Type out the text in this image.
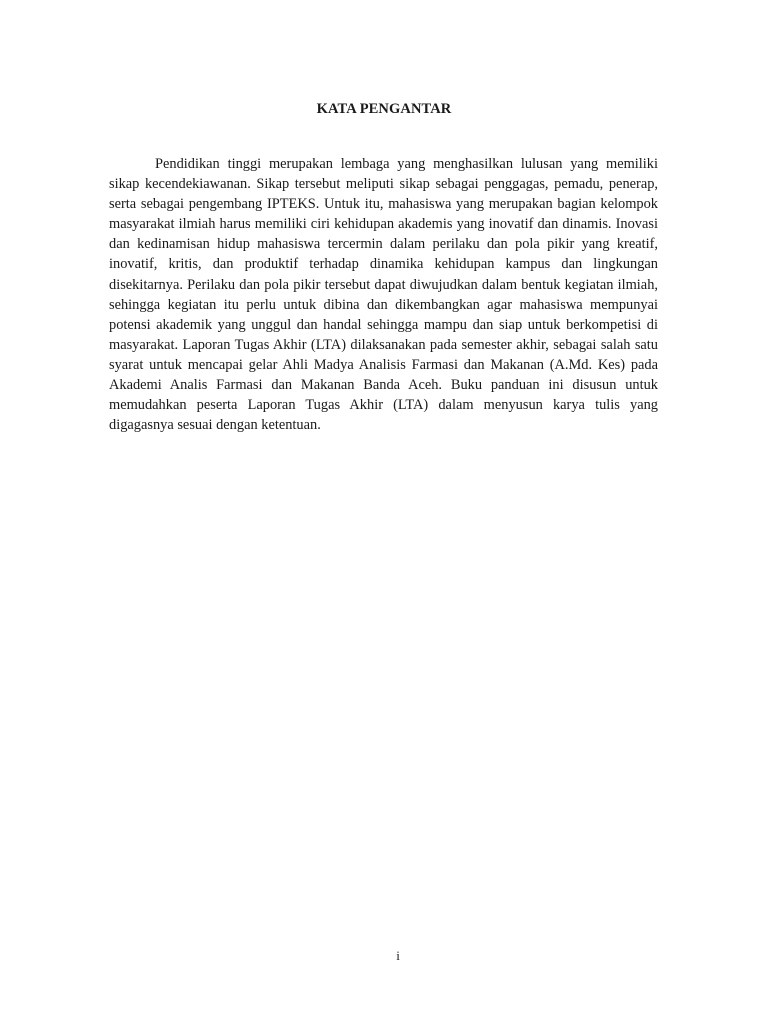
KATA PENGANTAR

Pendidikan tinggi merupakan lembaga yang menghasilkan lulusan yang memiliki sikap kecendekiawanan. Sikap tersebut meliputi sikap sebagai penggagas, pemadu, penerap, serta sebagai pengembang IPTEKS. Untuk itu, mahasiswa yang merupakan bagian kelompok masyarakat ilmiah harus memiliki ciri kehidupan akademis yang inovatif dan dinamis. Inovasi dan kedinamisan hidup mahasiswa tercermin dalam perilaku dan pola pikir yang kreatif, inovatif, kritis, dan produktif terhadap dinamika kehidupan kampus dan lingkungan disekitarnya. Perilaku dan pola pikir tersebut dapat diwujudkan dalam bentuk kegiatan ilmiah, sehingga kegiatan itu perlu untuk dibina dan dikembangkan agar mahasiswa mempunyai potensi akademik yang unggul dan handal sehingga mampu dan siap untuk berkompetisi di masyarakat. Laporan Tugas Akhir (LTA) dilaksanakan pada semester akhir, sebagai salah satu syarat untuk mencapai gelar Ahli Madya Analisis Farmasi dan Makanan (A.Md. Kes) pada Akademi Analis Farmasi dan Makanan Banda Aceh. Buku panduan ini disusun untuk memudahkan peserta Laporan Tugas Akhir (LTA) dalam menyusun karya tulis yang digagasnya sesuai dengan ketentuan.

i
